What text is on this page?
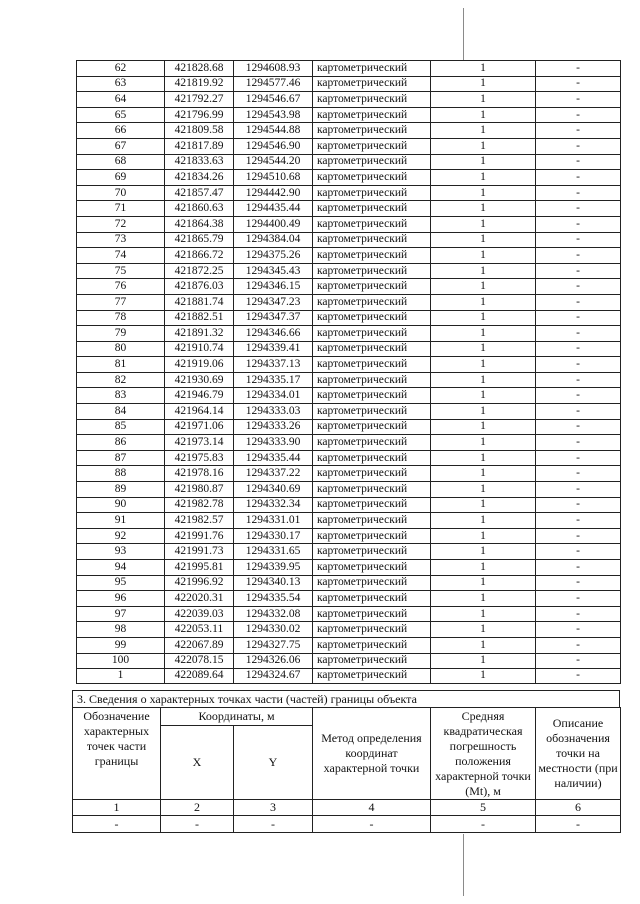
62	421828.68	1294608.93	картометрический	1	-
63	421819.92	1294577.46	картометрический	1	-
64	421792.27	1294546.67	картометрический	1	-
65	421796.99	1294543.98	картометрический	1	-
66	421809.58	1294544.88	картометрический	1	-
67	421817.89	1294546.90	картометрический	1	-
68	421833.63	1294544.20	картометрический	1	-
69	421834.26	1294510.68	картометрический	1	-
70	421857.47	1294442.90	картометрический	1	-
71	421860.63	1294435.44	картометрический	1	-
72	421864.38	1294400.49	картометрический	1	-
73	421865.79	1294384.04	картометрический	1	-
74	421866.72	1294375.26	картометрический	1	-
75	421872.25	1294345.43	картометрический	1	-
76	421876.03	1294346.15	картометрический	1	-
77	421881.74	1294347.23	картометрический	1	-
78	421882.51	1294347.37	картометрический	1	-
79	421891.32	1294346.66	картометрический	1	-
80	421910.74	1294339.41	картометрический	1	-
81	421919.06	1294337.13	картометрический	1	-
82	421930.69	1294335.17	картометрический	1	-
83	421946.79	1294334.01	картометрический	1	-
84	421964.14	1294333.03	картометрический	1	-
85	421971.06	1294333.26	картометрический	1	-
86	421973.14	1294333.90	картометрический	1	-
87	421975.83	1294335.44	картометрический	1	-
88	421978.16	1294337.22	картометрический	1	-
89	421980.87	1294340.69	картометрический	1	-
90	421982.78	1294332.34	картометрический	1	-
91	421982.57	1294331.01	картометрический	1	-
92	421991.76	1294330.17	картометрический	1	-
93	421991.73	1294331.65	картометрический	1	-
94	421995.81	1294339.95	картометрический	1	-
95	421996.92	1294340.13	картометрический	1	-
96	422020.31	1294335.54	картометрический	1	-
97	422039.03	1294332.08	картометрический	1	-
98	422053.11	1294330.02	картометрический	1	-
99	422067.89	1294327.75	картометрический	1	-
100	422078.15	1294326.06	картометрический	1	-
1	422089.64	1294324.67	картометрический	1	-
3. Сведения о характерных точках части (частей) границы объекта
Обозначение характерных точек части границы	Координаты, м		Метод определения координат характерной точки	Средняя квадратическая погрешность положения характерной точки (Mt), м	Описание обозначения точки на местности (при наличии)
	X	Y			
1	2	3	4	5	6
-	-	-	-	-	-
